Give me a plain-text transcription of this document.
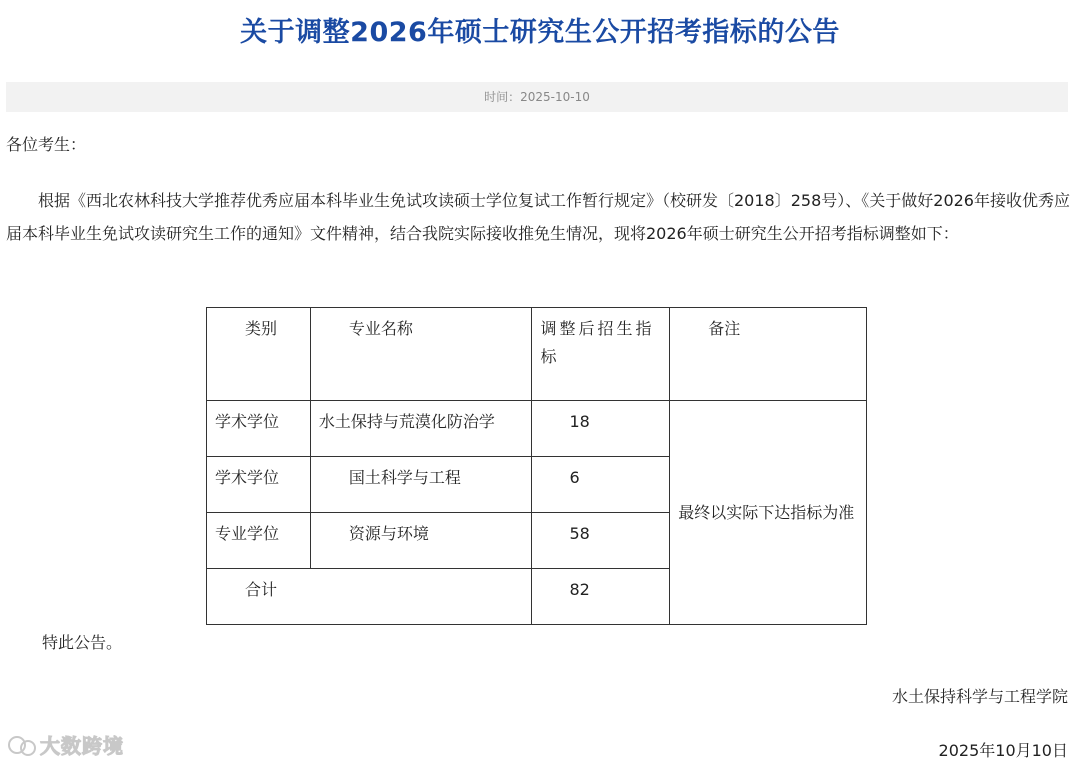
关于调整2026年硕士研究生公开招考指标的公告
时间：2025-10-10
各位考生：
根据《西北农林科技大学推荐优秀应届本科毕业生免试攻读硕士学位复试工作暂行规定》（校研发〔2018〕258号）、《关于做好2026年接收优秀应届本科毕业生免试攻读研究生工作的通知》文件精神，结合我院实际接收推免生情况，现将2026年硕士研究生公开招考指标调整如下：
类别	专业名称	调整后招生指标	备注

学术学位	水土保持与荒漠化防治学	18	最终以实际下达指标为准

学术学位	国土科学与工程	6	

专业学位	资源与环境	58	

合计		82	
特此公告。
水土保持科学与工程学院
2025年10月10日
大数跨境
